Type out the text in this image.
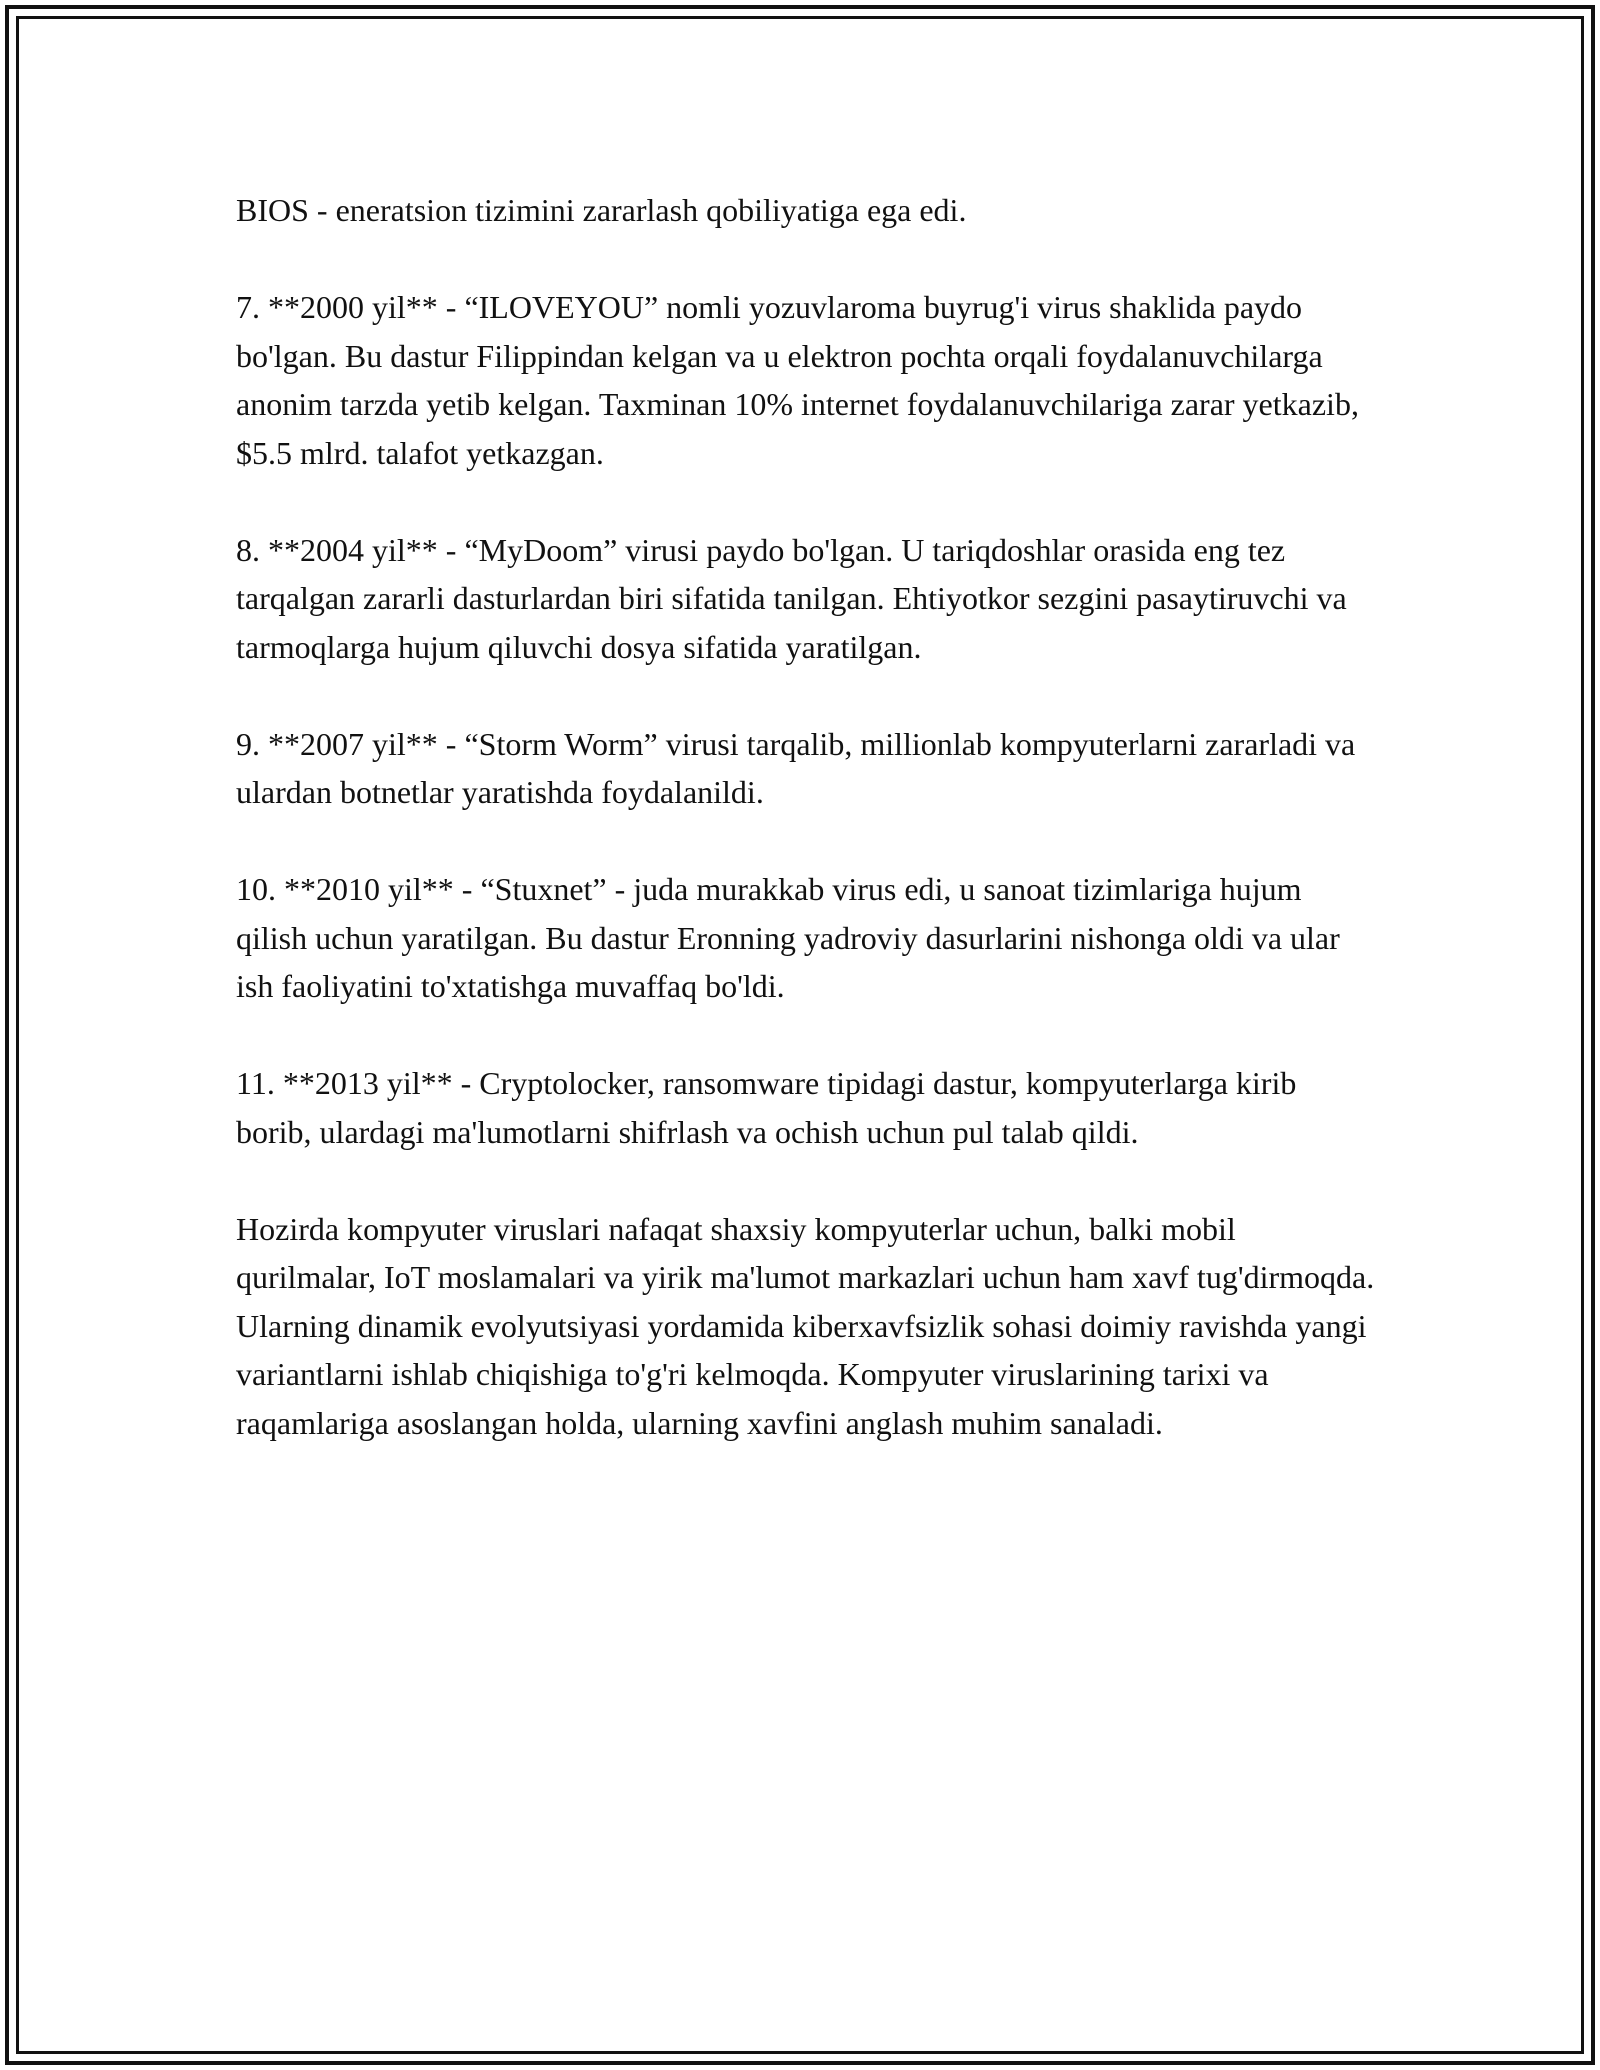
BIOS - eneratsion tizimini zararlash qobiliyatiga ega edi.

7. **2000 yil** - “ILOVEYOU” nomli yozuvlaroma buyrug'i virus shaklida paydo bo'lgan. Bu dastur Filippindan kelgan va u elektron pochta orqali foydalanuvchilarga anonim tarzda yetib kelgan. Taxminan 10% internet foydalanuvchilariga zarar yetkazib, $5.5 mlrd. talafot yetkazgan.

8. **2004 yil** - “MyDoom” virusi paydo bo'lgan. U tariqdoshlar orasida eng tez tarqalgan zararli dasturlardan biri sifatida tanilgan. Ehtiyotkor sezgini pasaytiruvchi va tarmoqlarga hujum qiluvchi dosya sifatida yaratilgan.

9. **2007 yil** - “Storm Worm” virusi tarqalib, millionlab kompyuterlarni zararladi va ulardan botnetlar yaratishda foydalanildi.

10. **2010 yil** - “Stuxnet” - juda murakkab virus edi, u sanoat tizimlariga hujum qilish uchun yaratilgan. Bu dastur Eronning yadroviy dasurlarini nishonga oldi va ular ish faoliyatini to'xtatishga muvaffaq bo'ldi.

11. **2013 yil** - Cryptolocker, ransomware tipidagi dastur, kompyuterlarga kirib borib, ulardagi ma'lumotlarni shifrlash va ochish uchun pul talab qildi.

Hozirda kompyuter viruslari nafaqat shaxsiy kompyuterlar uchun, balki mobil qurilmalar, IoT moslamalari va yirik ma'lumot markazlari uchun ham xavf tug'dirmoqda. Ularning dinamik evolyutsiyasi yordamida kiberxavfsizlik sohasi doimiy ravishda yangi variantlarni ishlab chiqishiga to'g'ri kelmoqda. Kompyuter viruslarining tarixi va raqamlariga asoslangan holda, ularning xavfini anglash muhim sanaladi.
